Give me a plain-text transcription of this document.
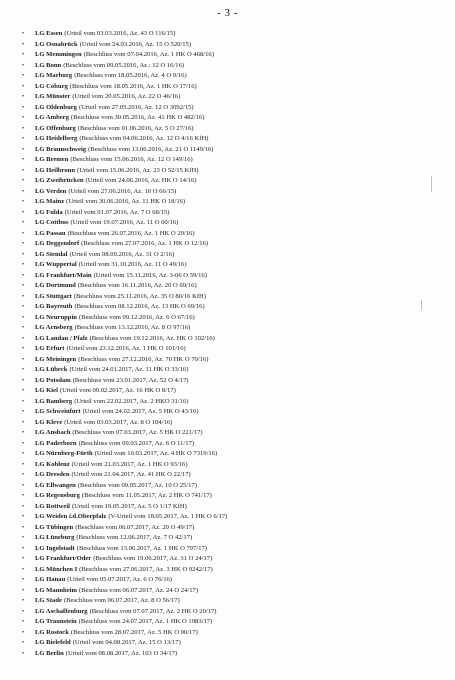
- 3 -
•	LG Essen (Urteil vom 03.03.2016, Az. 43 O 116/15)
•	LG Osnabrück (Urteil vom 24.03.2016, Az. 15 O 520/15)
•	LG Memmingen (Beschluss vom 07.04.2016, Az. 1 HK O 468/16)
•	LG Bonn (Beschluss vom 09.05.2016, Az.: 12 O 16/16)
•	LG Marburg (Beschluss vom 18.05.2016, Az. 4 O 9/16)
•	LG Coburg (Beschluss vom 18.05.2016, Az. 1 HK O 17/16)
•	LG Münster (Urteil vom 20.05.2016, Az. 22 O 46/16)
•	LG Oldenburg (Urteil vom 27.05.2016, Az. 12 O 3092/15)
•	LG Amberg (Beschluss vom 30.05.2016, Az. 41 HK O 482/16)
•	LG Offenburg (Beschluss vom 01.06.2016, Az. 5 O 27/16)
•	LG Heidelberg (Beschluss vom 04.06.2016, Az. 12 O 4/16 KfH)
•	LG Braunschweig (Beschluss vom 13.06.2016, Az. 21 O 1149/16)
•	LG Bremen (Beschluss vom 15.06.2016, Az. 12 O 149/16)
•	LG Heilbronn (Urteil vom 15.06.2016, Az. 23 O 52/15 KfH)
•	LG Zweibrücken (Urteil vom 24.06.2016, Az. HK O 14/16)
•	LG Verden (Urteil vom 27.06.2016, Az. 10 O 66/15)
•	LG Mainz (Urteil vom 30.06.2016, Az. 11 HK O 18/16)
•	LG Fulda (Urteil vom 01.07.2016, Az. 7 O 68/15)
•	LG Cottbus (Urteil vom 19.07.2016, Az. 11 O 60/16)
•	LG Passau (Beschluss vom 26.07.2016, Az. 1 HK O 29/16)
•	LG Deggendorf (Beschluss vom 27.07.2016, Az. 1 HK O 12/16)
•	LG Stendal (Urteil vom 08.09.2016, Az. 31 O 2/16)
•	LG Wuppertal (Urteil vom 31.10.2016, Az. 11 O 49/16)
•	LG Frankfurt/Main (Urteil vom 15.11.2016, Az. 3-06 O 59/16)
•	LG Dortmund (Beschluss vom 16.11.2016, Az. 20 O 69/16)
•	LG Stuttgart (Beschluss vom 25.11.2016, Az. 35 O 80/16 KfH)
•	LG Bayreuth (Beschluss vom 08.12.2016, Az. 13 HK O 69/16)
•	LG Neuruppin (Beschluss vom 09.12.2016, Az. 6 O 67/16)
•	LG Arnsberg (Beschluss vom 13.12.2016, Az. 8 O 97/16)
•	LG Landau / Pfalz (Beschluss vom 19.12.2016, Az. HK O 102/16)
•	LG Erfurt (Urteil vom 23.12.2016, Az. 1 HK O 101/16)
•	LG Meiningen (Beschluss vom 27.12.2016, Az. 70 HK O 70/16)
•	LG Lübeck (Urteil vom 24.01.2017, Az. 11 HK O 33/16)
•	LG Potsdam (Beschluss vom 23.01.2017, Az. 52 O 4/17)
•	LG Kiel (Urteil vom 09.02.2017, Az. 16 HK O 8/17)
•	LG Bamberg (Urteil vom 22.02.2017, Az. 2 HKO 31/16)
•	LG Schweinfurt (Urteil vom 24.02.2017, Az. 5 HK O 43/16)
•	LG Kleve (Urteil vom 03.03.2017, Az. 8 O 104/16)
•	LG Ansbach (Beschluss vom 07.03.2017, Az. 5 HK O 221/17)
•	LG Paderborn (Beschluss vom 09.03.2017, Az. 6 O 11/17)
•	LG Nürnberg-Fürth (Urteil vom 10.03.2017, Az. 4 HK O 7319/16)
•	LG Koblenz (Urteil vom 21.03.2017, Az. 1 HK O 93/16)
•	LG Dresden (Urteil vom 21.04.2017, Az. 41 HK O 22/17)
•	LG Ellwangen (Beschluss vom 09.05.2017, Az. 10 O 25/17)
•	LG Regensburg (Beschluss vom 11.05.2017, Az. 2 HK O 741/17)
•	LG Rottweil (Urteil vom 19.05.2017, Az. 5 O 1/17 KfH)
•	LG Weiden i.d.Oberpfalz (V-Urteil vom 18.05.2017, Az. 1 HK O 6/17)
•	LG Tübingen (Beschluss vom 06.07.2017, Az. 20 O 49/17)
•	LG Lüneburg (Beschluss vom 12.06.2017, Az. 7 O 42/17)
•	LG Ingolstadt (Beschluss vom 13.06.2017, Az. 1 HK O 797/17)
•	LG Frankfurt/Oder (Beschluss vom 19.06.2017, Az. 31 O 24/17)
•	LG München I (Beschluss vom 27.06.2017, Az. 3 HK O 9242/17)
•	LG Hanau (Urteil vom 05.07.2017, Az. 6 O 76/16)
•	LG Mannheim (Beschluss vom 06.07.2017, Az. 24 O 24/17)
•	LG Stade (Beschluss vom 06.07.2017, Az. 8 O 56/17)
•	LG Aschaffenburg (Beschluss vom 07.07.2017, Az. 2 HK O 20/17)
•	LG Traunstein (Beschluss vom 24.07.2017, Az. 1 HK O 1983/17)
•	LG Rostock (Beschluss vom 28.07.2017, Az. 5 HK O 90/17)
•	LG Bielefeld (Urteil vom 04.08.2017, Az. 15 O 13/17)
•	LG Berlin (Urteil vom 08.08.2017, Az. 103 O 34/17)
